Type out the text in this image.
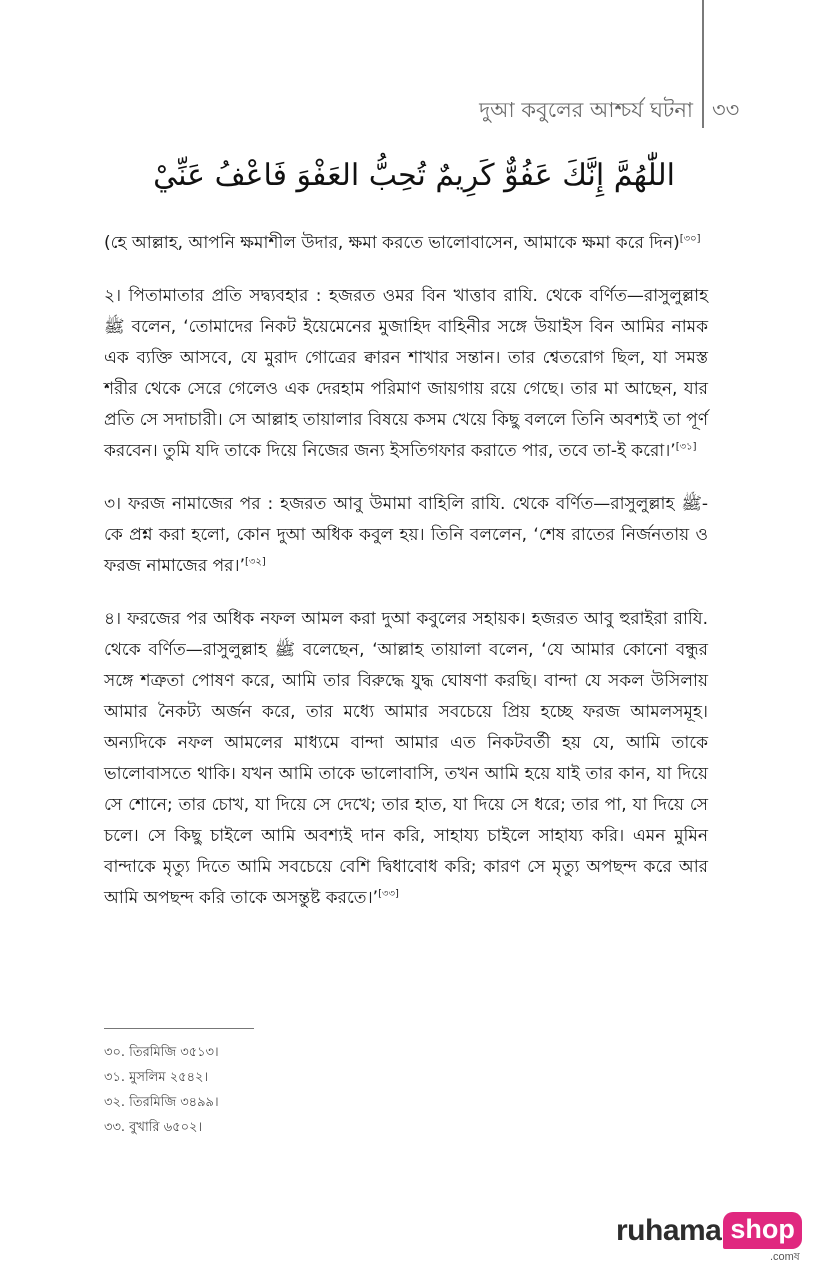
দুআ কবুলের আশ্চর্য ঘটনা ৩৩
اللّٰهُمَّ إِنَّكَ عَفُوٌّ كَرِيمٌ تُحِبُّ العَفْوَ فَاعْفُ عَنِّيْ

(হে আল্লাহ, আপনি ক্ষমাশীল উদার, ক্ষমা করতে ভালোবাসেন, আমাকে ক্ষমা করে দিন)[৩০]

২। পিতামাতার প্রতি সদ্ব্যবহার : হজরত ওমর বিন খাত্তাব রাযি. থেকে বর্ণিত—রাসুলুল্লাহ ﷺ বলেন, ‘তোমাদের নিকট ইয়েমেনের মুজাহিদ বাহিনীর সঙ্গে উয়াইস বিন আমির নামক এক ব্যক্তি আসবে, যে মুরাদ গোত্রের ক্বারন শাখার সন্তান। তার শ্বেতরোগ ছিল, যা সমস্ত শরীর থেকে সেরে গেলেও এক দেরহাম পরিমাণ জায়গায় রয়ে গেছে। তার মা আছেন, যার প্রতি সে সদাচারী। সে আল্লাহ তায়ালার বিষয়ে কসম খেয়ে কিছু বললে তিনি অবশ্যই তা পূর্ণ করবেন। তুমি যদি তাকে দিয়ে নিজের জন্য ইসতিগফার করাতে পার, তবে তা-ই করো।’[৩১]

৩। ফরজ নামাজের পর : হজরত আবু উমামা বাহিলি রাযি. থেকে বর্ণিত—রাসুলুল্লাহ ﷺ-কে প্রশ্ন করা হলো, কোন দুআ অধিক কবুল হয়। তিনি বললেন, ‘শেষ রাতের নির্জনতায় ও ফরজ নামাজের পর।’[৩২]

৪। ফরজের পর অধিক নফল আমল করা দুআ কবুলের সহায়ক। হজরত আবু হুরাইরা রাযি. থেকে বর্ণিত—রাসুলুল্লাহ ﷺ বলেছেন, ‘আল্লাহ তায়ালা বলেন, ‘যে আমার কোনো বন্ধুর সঙ্গে শত্রুতা পোষণ করে, আমি তার বিরুদ্ধে যুদ্ধ ঘোষণা করছি। বান্দা যে সকল উসিলায় আমার নৈকট্য অর্জন করে, তার মধ্যে আমার সবচেয়ে প্রিয় হচ্ছে ফরজ আমলসমূহ। অন্যদিকে নফল আমলের মাধ্যমে বান্দা আমার এত নিকটবর্তী হয় যে, আমি তাকে ভালোবাসতে থাকি। যখন আমি তাকে ভালোবাসি, তখন আমি হয়ে যাই তার কান, যা দিয়ে সে শোনে; তার চোখ, যা দিয়ে সে দেখে; তার হাত, যা দিয়ে সে ধরে; তার পা, যা দিয়ে সে চলে। সে কিছু চাইলে আমি অবশ্যই দান করি, সাহায্য চাইলে সাহায্য করি। এমন মুমিন বান্দাকে মৃত্যু দিতে আমি সবচেয়ে বেশি দ্বিধাবোধ করি; কারণ সে মৃত্যু অপছন্দ করে আর আমি অপছন্দ করি তাকে অসন্তুষ্ট করতে।’[৩৩]

৩০. তিরমিজি ৩৫১৩।
৩১. মুসলিম ২৫৪২।
৩২. তিরমিজি ৩৪৯৯।
৩৩. বুখারি ৬৫০২।
ruhama shop
.comষ
